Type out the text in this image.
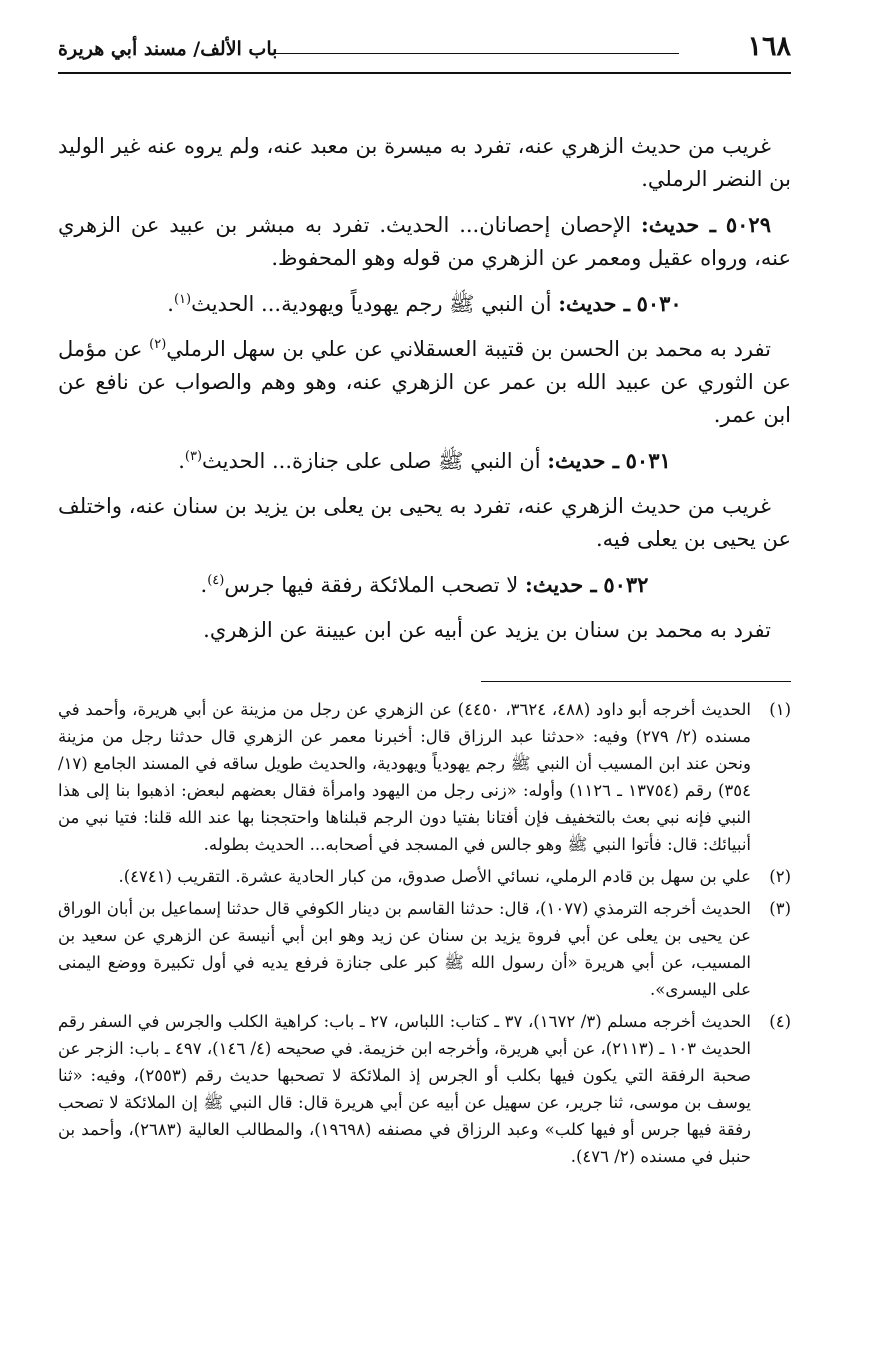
١٦٨
باب الألف/ مسند أبي هريرة

غريب من حديث الزهري عنه، تفرد به ميسرة بن معبد عنه، ولم يروه عنه غير الوليد بن النضر الرملي.

٥٠٢٩ ـ حديث: الإحصان إحصانان... الحديث. تفرد به مبشر بن عبيد عن الزهري عنه، ورواه عقيل ومعمر عن الزهري من قوله وهو المحفوظ.

٥٠٣٠ ـ حديث: أن النبي ﷺ رجم يهودياً ويهودية... الحديث$^{(١)}$.

تفرد به محمد بن الحسن بن قتيبة العسقلاني عن علي بن سهل الرملي$^{(٢)}$ عن مؤمل عن الثوري عن عبيد الله بن عمر عن الزهري عنه، وهو وهم والصواب عن نافع عن ابن عمر.

٥٠٣١ ـ حديث: أن النبي ﷺ صلى على جنازة... الحديث$^{(٣)}$.

غريب من حديث الزهري عنه، تفرد به يحيى بن يعلى بن يزيد بن سنان عنه، واختلف عن يحيى بن يعلى فيه.

٥٠٣٢ ـ حديث: لا تصحب الملائكة رفقة فيها جرس$^{(٤)}$.

تفرد به محمد بن سنان بن يزيد عن أبيه عن ابن عيينة عن الزهري.

(١)
الحديث أخرجه أبو داود (٤٨٨، ٣٦٢٤، ٤٤٥٠) عن الزهري عن رجل من مزينة عن أبي هريرة، وأحمد في مسنده (٢/ ٢٧٩) وفيه: «حدثنا عبد الرزاق قال: أخبرنا معمر عن الزهري قال حدثنا رجل من مزينة ونحن عند ابن المسيب أن النبي ﷺ رجم يهودياً ويهودية، والحديث طويل ساقه في المسند الجامع (١٧/ ٣٥٤) رقم (١٣٧٥٤ ـ ١١٢٦) وأوله: «زنى رجل من اليهود وامرأة فقال بعضهم لبعض: اذهبوا بنا إلى هذا النبي فإنه نبي بعث بالتخفيف فإن أفتانا بفتيا دون الرجم قبلناها واحتججنا بها عند الله قلنا: فتيا نبي من أنبيائك: قال: فأتوا النبي ﷺ وهو جالس في المسجد في أصحابه... الحديث بطوله.
(٢)
علي بن سهل بن قادم الرملي، نسائي الأصل صدوق، من كبار الحادية عشرة. التقريب (٤٧٤١).
(٣)
الحديث أخرجه الترمذي (١٠٧٧)، قال: حدثنا القاسم بن دينار الكوفي قال حدثنا إسماعيل بن أبان الوراق عن يحيى بن يعلى عن أبي فروة يزيد بن سنان عن زيد وهو ابن أبي أنيسة عن الزهري عن سعيد بن المسيب، عن أبي هريرة «أن رسول الله ﷺ كبر على جنازة فرفع يديه في أول تكبيرة ووضع اليمنى على اليسرى».
(٤)
الحديث أخرجه مسلم (٣/ ١٦٧٢)، ٣٧ ـ كتاب: اللباس، ٢٧ ـ باب: كراهية الكلب والجرس في السفر رقم الحديث ١٠٣ ـ (٢١١٣)، عن أبي هريرة، وأخرجه ابن خزيمة. في صحيحه (٤/ ١٤٦)، ٤٩٧ ـ باب: الزجر عن صحبة الرفقة التي يكون فيها بكلب أو الجرس إذ الملائكة لا تصحبها حديث رقم (٢٥٥٣)، وفيه: «ثنا يوسف بن موسى، ثنا جرير، عن سهيل عن أبيه عن أبي هريرة قال: قال النبي ﷺ إن الملائكة لا تصحب رفقة فيها جرس أو فيها كلب» وعبد الرزاق في مصنفه (١٩٦٩٨)، والمطالب العالية (٢٦٨٣)، وأحمد بن حنبل في مسنده (٢/ ٤٧٦).
